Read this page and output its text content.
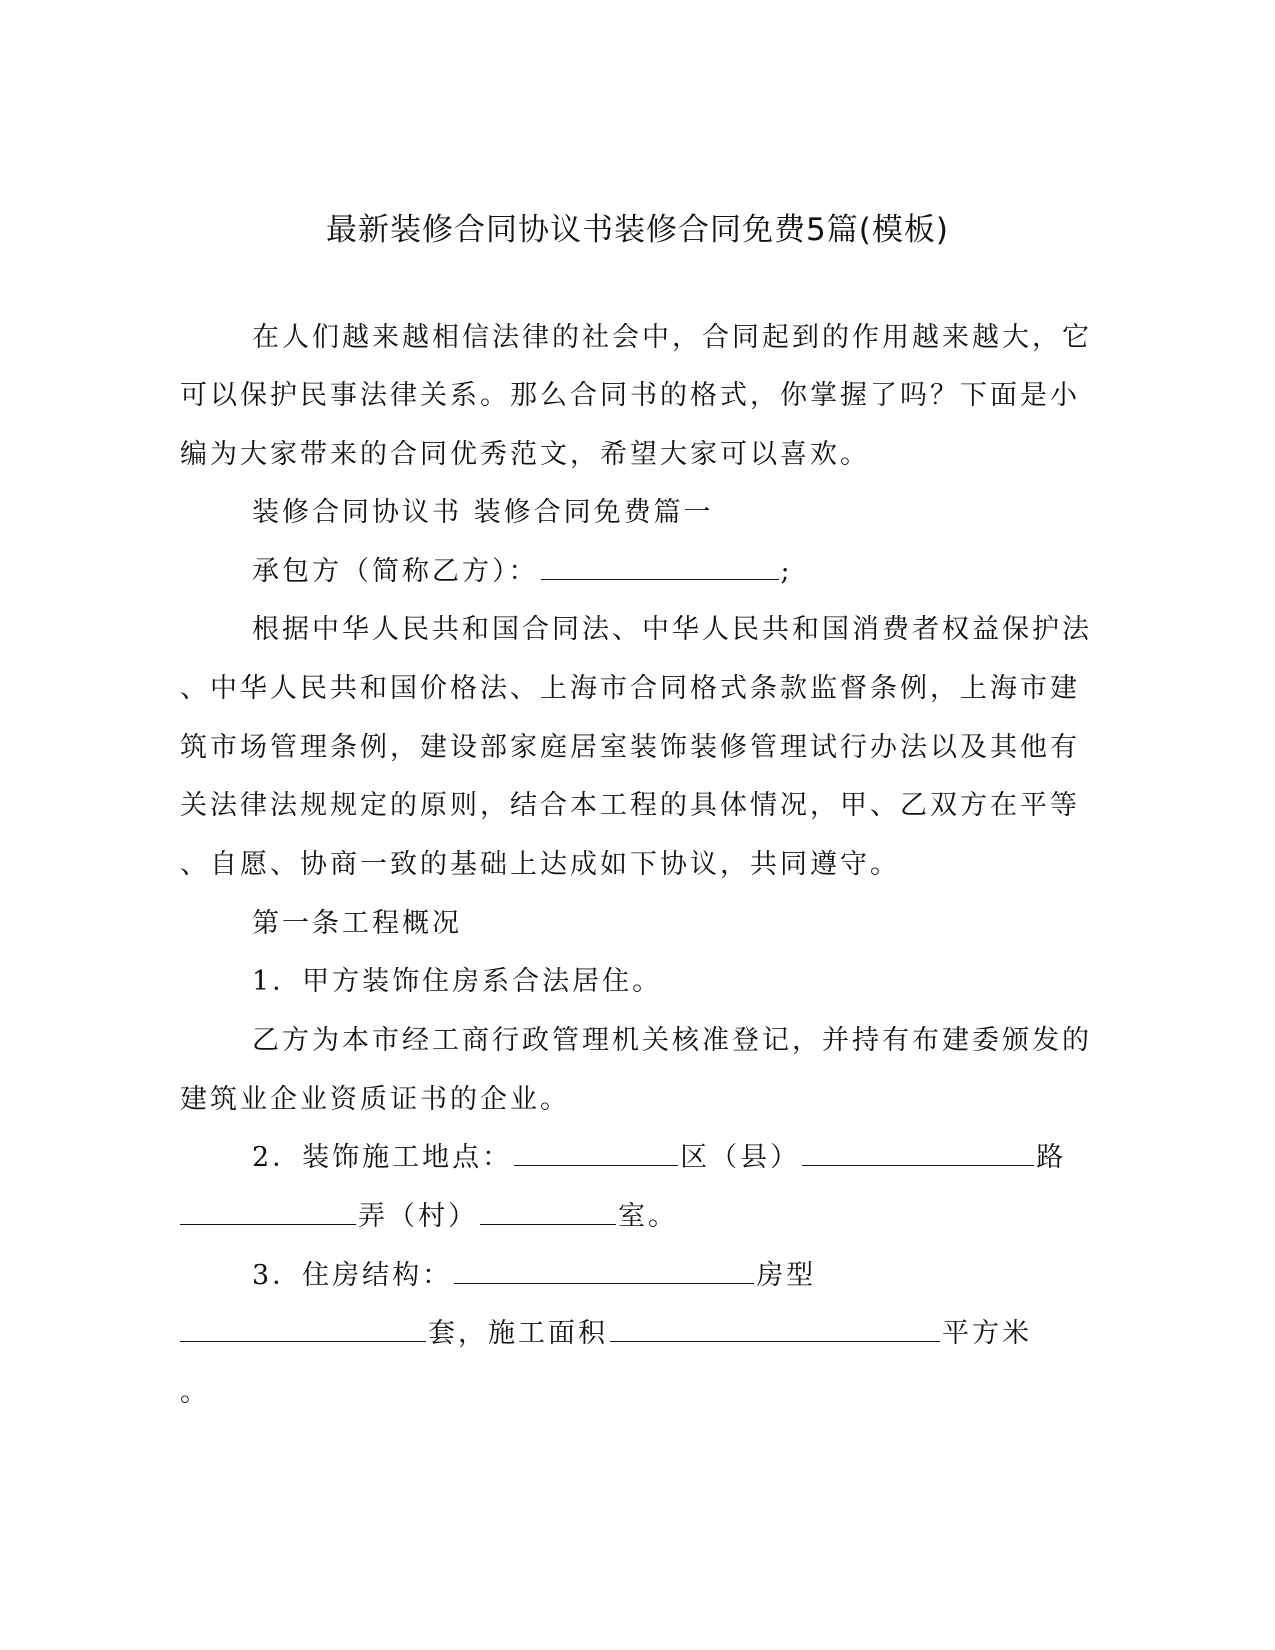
最新装修合同协议书装修合同免费5篇(模板)
在人们越来越相信法律的社会中，合同起到的作用越来越大，它
可以保护民事法律关系。那么合同书的格式，你掌握了吗？下面是小
编为大家带来的合同优秀范文，希望大家可以喜欢。
装修合同协议书 装修合同免费篇一
承包方（简称乙方）：	;
根据中华人民共和国合同法、中华人民共和国消费者权益保护法
、中华人民共和国价格法、上海市合同格式条款监督条例，上海市建
筑市场管理条例，建设部家庭居室装饰装修管理试行办法以及其他有
关法律法规规定的原则，结合本工程的具体情况，甲、乙双方在平等
、自愿、协商一致的基础上达成如下协议，共同遵守。
第一条工程概况
1．甲方装饰住房系合法居住。
乙方为本市经工商行政管理机关核准登记，并持有布建委颁发的
建筑业企业资质证书的企业。
2．装饰施工地点：	区（县）	路
弄（村）	室。
3．住房结构：	房型
套，施工面积	平方米
。
